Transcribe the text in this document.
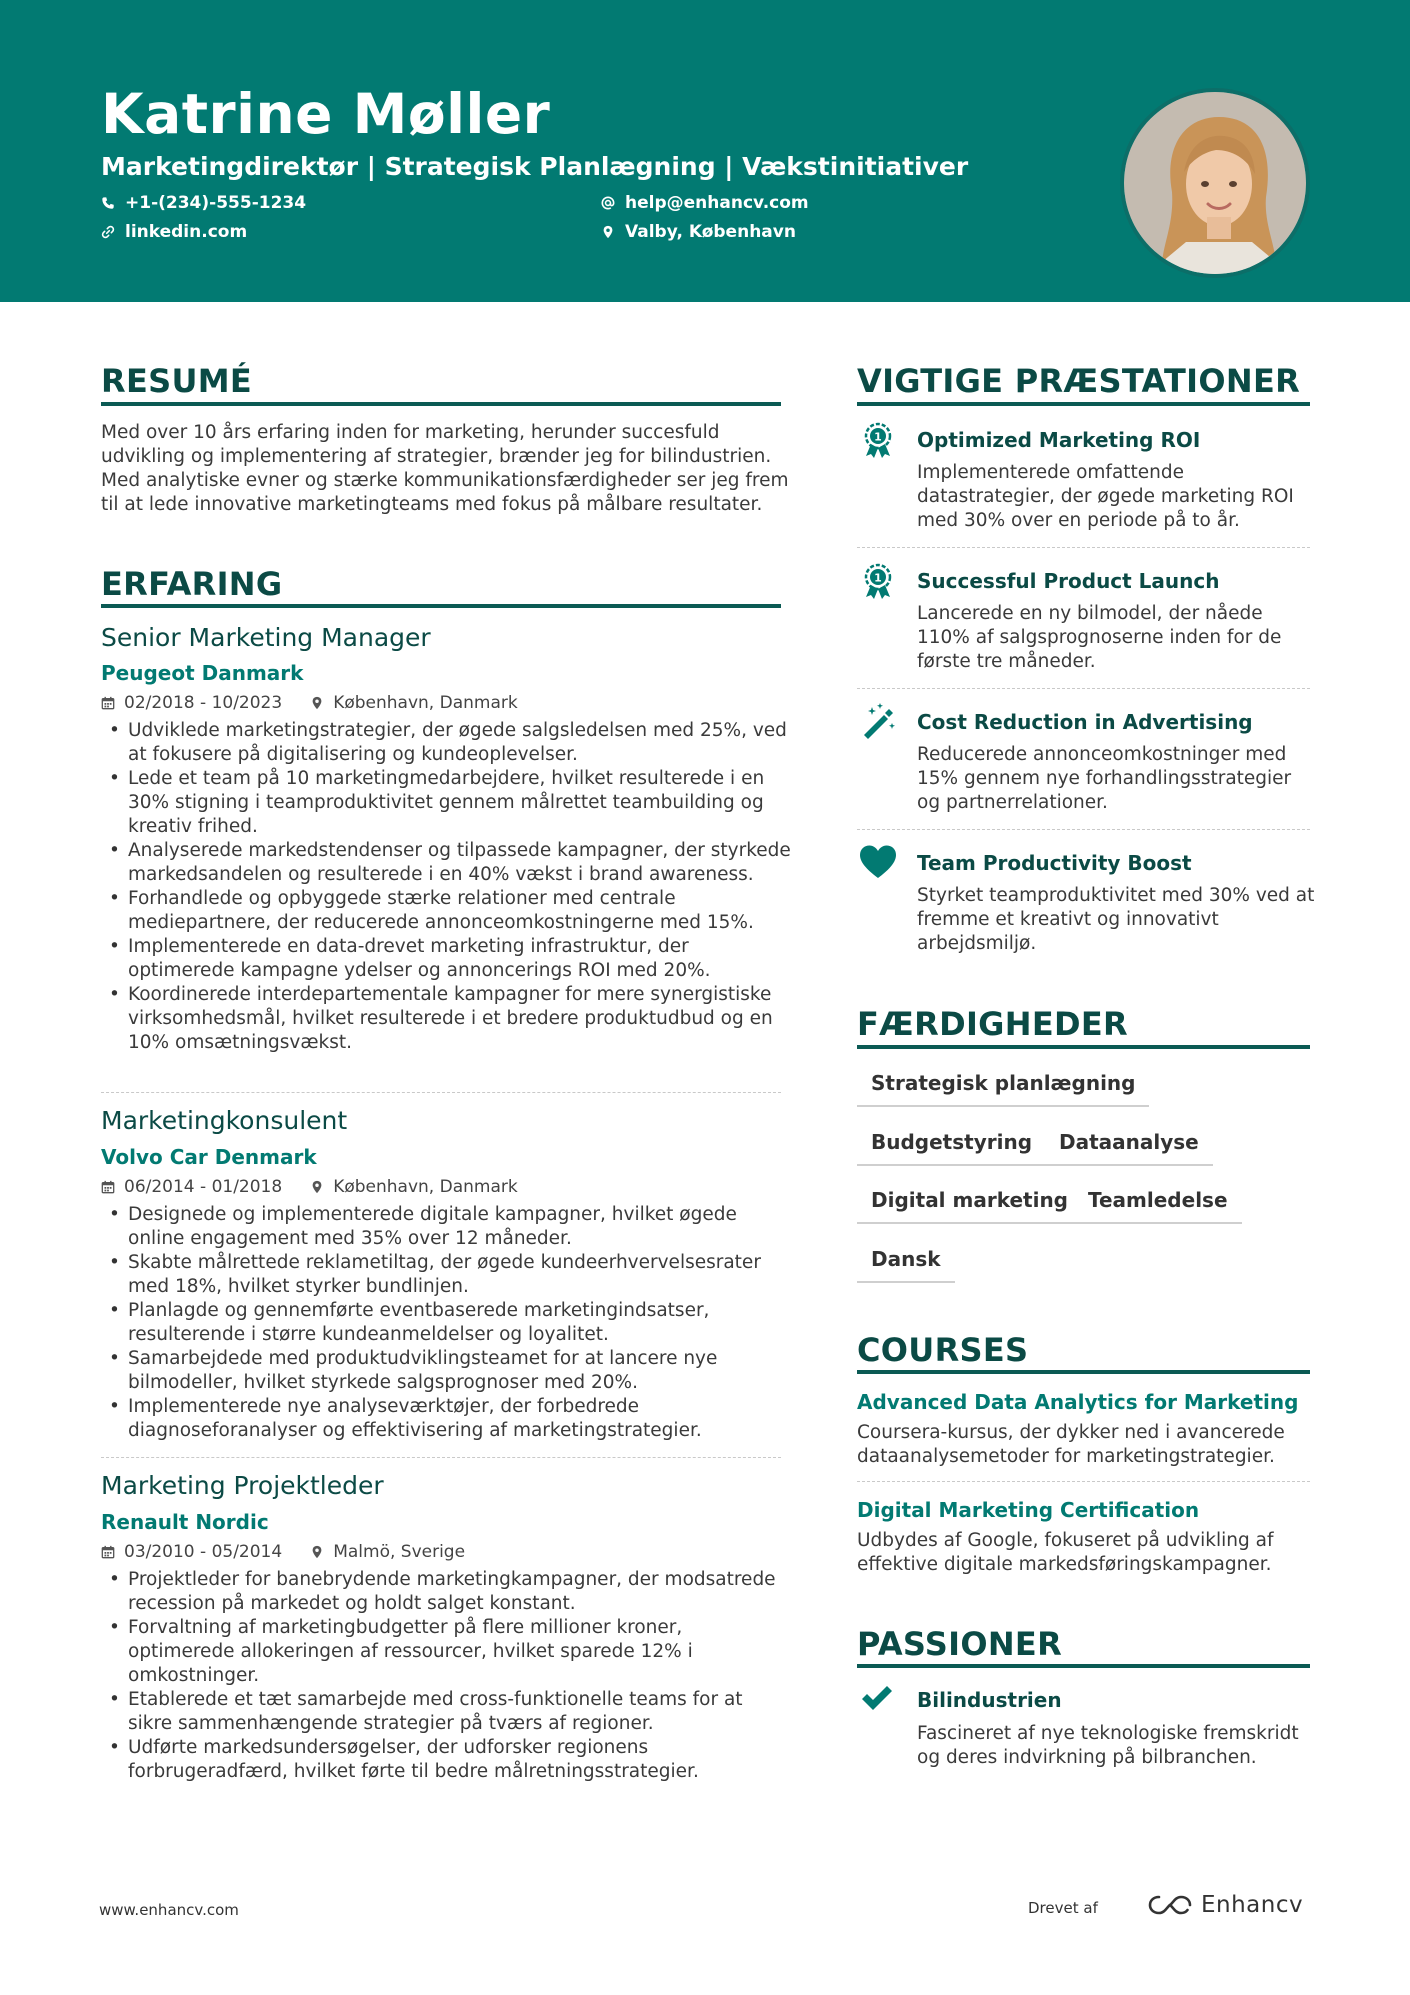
Katrine Møller
Marketingdirektør | Strategisk Planlægning | Vækstinitiativer
+1-(234)-555-1234	help@enhancv.com
linkedin.com	Valby, København
RESUMÉ
Med over 10 års erfaring inden for marketing, herunder succesfuld udvikling og implementering af strategier, brænder jeg for bilindustrien. Med analytiske evner og stærke kommunikationsfærdigheder ser jeg frem til at lede innovative marketingteams med fokus på målbare resultater.
ERFARING
Senior Marketing Manager
Peugeot Danmark
02/2018 - 10/2023	København, Danmark
• Udviklede marketingstrategier, der øgede salgsledelsen med 25%, ved at fokusere på digitalisering og kundeoplevelser.
• Lede et team på 10 marketingmedarbejdere, hvilket resulterede i en 30% stigning i teamproduktivitet gennem målrettet teambuilding og kreativ frihed.
• Analyserede markedstendenser og tilpassede kampagner, der styrkede markedsandelen og resulterede i en 40% vækst i brand awareness.
• Forhandlede og opbyggede stærke relationer med centrale mediepartnere, der reducerede annonceomkostningerne med 15%.
• Implementerede en data-drevet marketing infrastruktur, der optimerede kampagne ydelser og annoncerings ROI med 20%.
• Koordinerede interdepartementale kampagner for mere synergistiske virksomhedsmål, hvilket resulterede i et bredere produktudbud og en 10% omsætningsvækst.
Marketingkonsulent
Volvo Car Denmark
06/2014 - 01/2018	København, Danmark
• Designede og implementerede digitale kampagner, hvilket øgede online engagement med 35% over 12 måneder.
• Skabte målrettede reklametiltag, der øgede kundeerhvervelsesrater med 18%, hvilket styrker bundlinjen.
• Planlagde og gennemførte eventbaserede marketingindsatser, resulterende i større kundeanmeldelser og loyalitet.
• Samarbejdede med produktudviklingsteamet for at lancere nye bilmodeller, hvilket styrkede salgsprognoser med 20%.
• Implementerede nye analyseværktøjer, der forbedrede diagnoseforanalyser og effektivisering af marketingstrategier.
Marketing Projektleder
Renault Nordic
03/2010 - 05/2014	Malmö, Sverige
• Projektleder for banebrydende marketingkampagner, der modsatrede recession på markedet og holdt salget konstant.
• Forvaltning af marketingbudgetter på flere millioner kroner, optimerede allokeringen af ressourcer, hvilket sparede 12% i omkostninger.
• Etablerede et tæt samarbejde med cross-funktionelle teams for at sikre sammenhængende strategier på tværs af regioner.
• Udførte markedsundersøgelser, der udforsker regionens forbrugeradfærd, hvilket førte til bedre målretningsstrategier.
VIGTIGE PRÆSTATIONER
1 Optimized Marketing ROI
Implementerede omfattende datastrategier, der øgede marketing ROI med 30% over en periode på to år.
1 Successful Product Launch
Lancerede en ny bilmodel, der nåede 110% af salgsprognoserne inden for de første tre måneder.
Cost Reduction in Advertising
Reducerede annonceomkostninger med 15% gennem nye forhandlingsstrategier og partnerrelationer.
Team Productivity Boost
Styrket teamproduktivitet med 30% ved at fremme et kreativt og innovativt arbejdsmiljø.
FÆRDIGHEDER
Strategisk planlægning
Budgetstyring	Dataanalyse
Digital marketing Teamledelse
Dansk
COURSES
Advanced Data Analytics for Marketing
Coursera-kursus, der dykker ned i avancerede dataanalysemetoder for marketingstrategier.
Digital Marketing Certification
Udbydes af Google, fokuseret på udvikling af effektive digitale markedsføringskampagner.
PASSIONER
Bilindustrien
Fascineret af nye teknologiske fremskridt og deres indvirkning på bilbranchen.
www.enhancv.com	Drevet af	Enhancv
